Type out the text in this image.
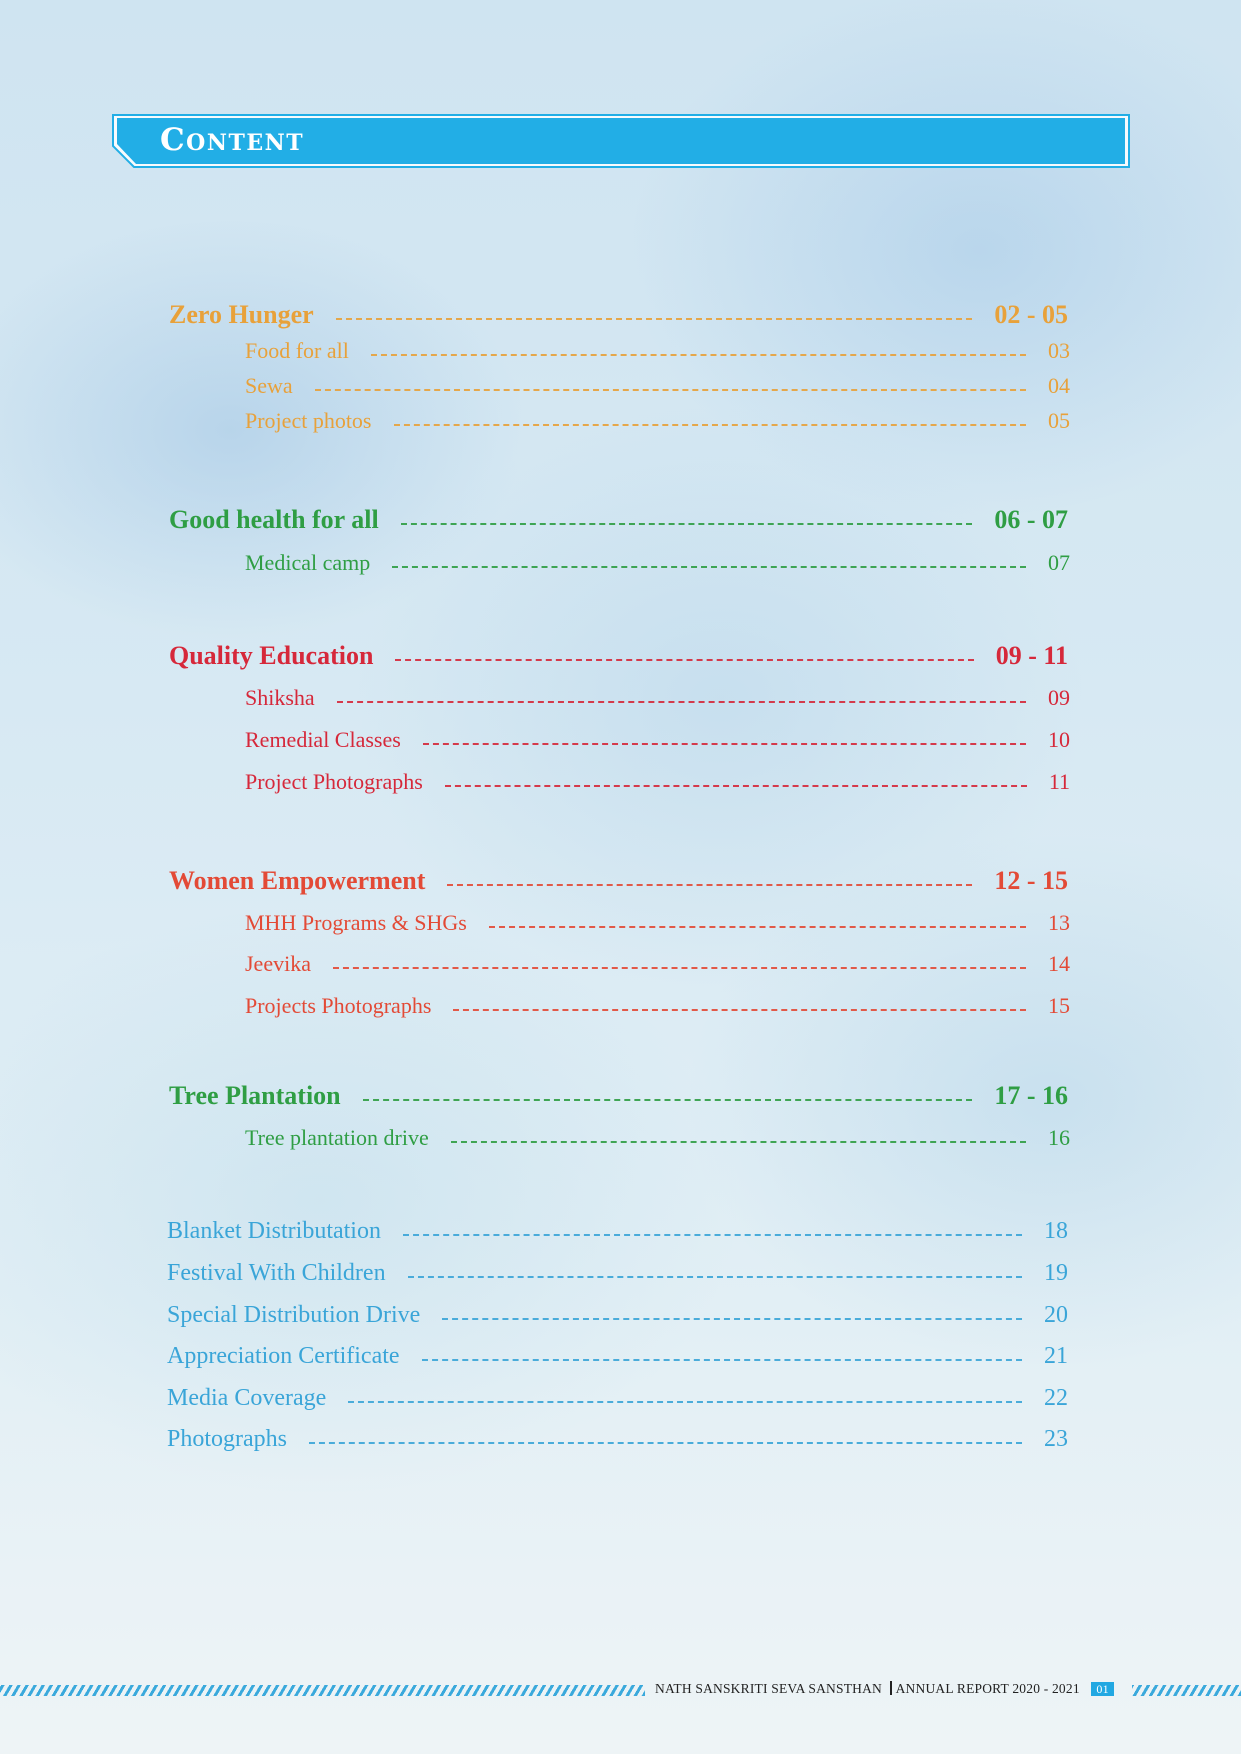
Content
Zero Hunger	02 - 05
Food for all	03
Sewa	04
Project photos	05
Good health for all	06 - 07
Medical camp	07
Quality Education	09 - 11
Shiksha	09
Remedial Classes	10
Project Photographs	11
Women Empowerment	12 - 15
MHH Programs & SHGs	13
Jeevika	14
Projects Photographs	15
Tree Plantation	17 - 16
Tree plantation drive	16
Blanket Distributation	18
Festival With Children	19
Special Distribution Drive	20
Appreciation Certificate	21
Media Coverage	22
Photographs	23
NATH SANSKRITI SEVA SANSTHAN ANNUAL REPORT 2020 - 2021 01
